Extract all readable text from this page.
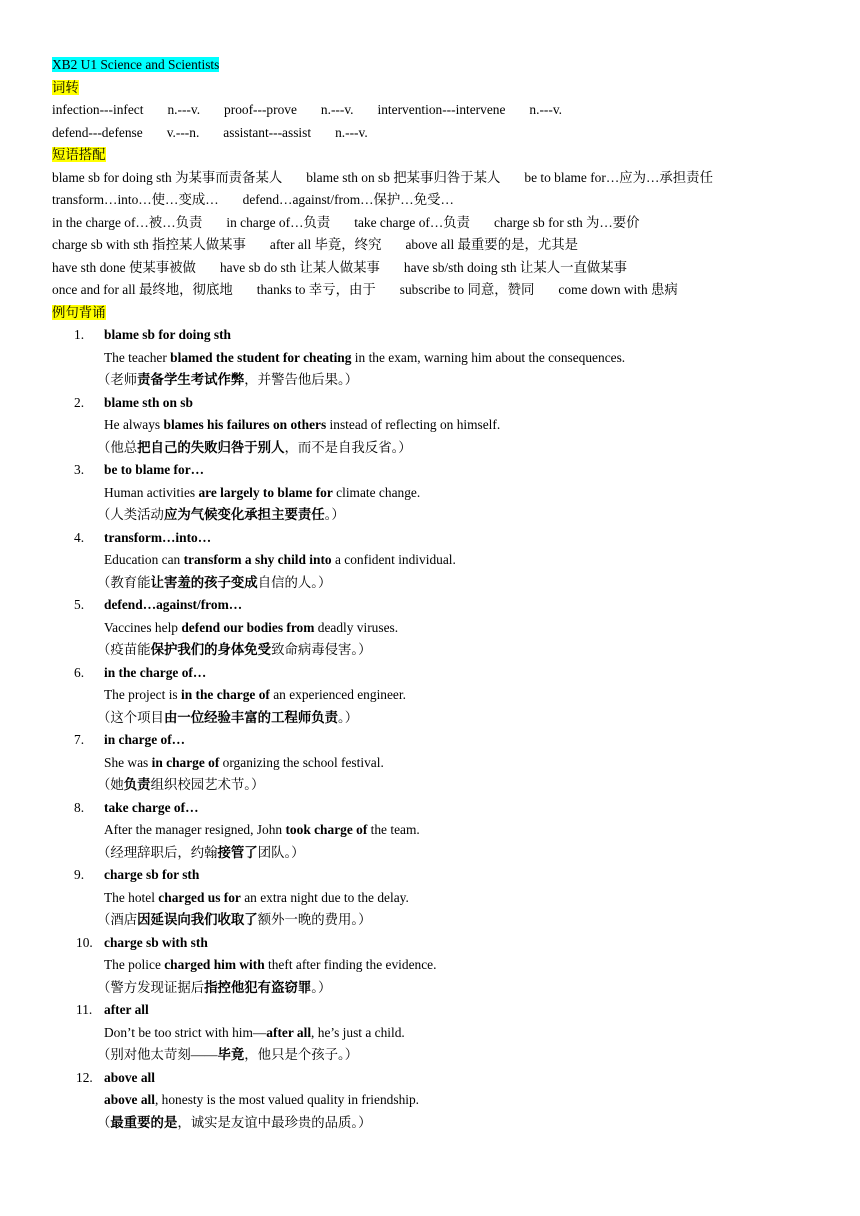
XB2 U1 Science and Scientists
词转
infection---infect n.---v. proof---prove n.---v. intervention---intervene n.---v.
defend---defense v.---n. assistant---assist n.---v.
短语搭配
blame sb for doing sth 为某事而责备某人 blame sth on sb 把某事归咎于某人 be to blame for…应为…承担责任
transform…into…使…变成… defend…against/from…保护…免受…
in the charge of…被…负责 in charge of…负责 take charge of…负责 charge sb for sth 为…要价
charge sb with sth 指控某人做某事 after all 毕竟，终究 above all 最重要的是，尤其是
have sth done 使某事被做 have sb do sth 让某人做某事 have sb/sth doing sth 让某人一直做某事
once and for all 最终地，彻底地 thanks to 幸亏，由于 subscribe to 同意，赞同 come down with 患病
例句背诵
1.	blame sb for doing sth
The teacher blamed the student for cheating in the exam, warning him about the consequences.
（老师责备学生考试作弊，并警告他后果。）
2.	blame sth on sb
He always blames his failures on others instead of reflecting on himself.
（他总把自己的失败归咎于别人，而不是自我反省。）
3.	be to blame for…
Human activities are largely to blame for climate change.
（人类活动应为气候变化承担主要责任。）
4.	transform…into…
Education can transform a shy child into a confident individual.
（教育能让害羞的孩子变成自信的人。）
5.	defend…against/from…
Vaccines help defend our bodies from deadly viruses.
（疫苗能保护我们的身体免受致命病毒侵害。）
6.	in the charge of…
The project is in the charge of an experienced engineer.
（这个项目由一位经验丰富的工程师负责。）
7.	in charge of…
She was in charge of organizing the school festival.
（她负责组织校园艺术节。）
8.	take charge of…
After the manager resigned, John took charge of the team.
（经理辞职后，约翰接管了团队。）
9.	charge sb for sth
The hotel charged us for an extra night due to the delay.
（酒店因延误向我们收取了额外一晚的费用。）
10. charge sb with sth
The police charged him with theft after finding the evidence.
（警方发现证据后指控他犯有盗窃罪。）
11. after all
Don’t be too strict with him—after all, he’s just a child.
（别对他太苛刻——毕竟，他只是个孩子。）
12. above all
above all, honesty is the most valued quality in friendship.
（最重要的是，诚实是友谊中最珍贵的品质。）
